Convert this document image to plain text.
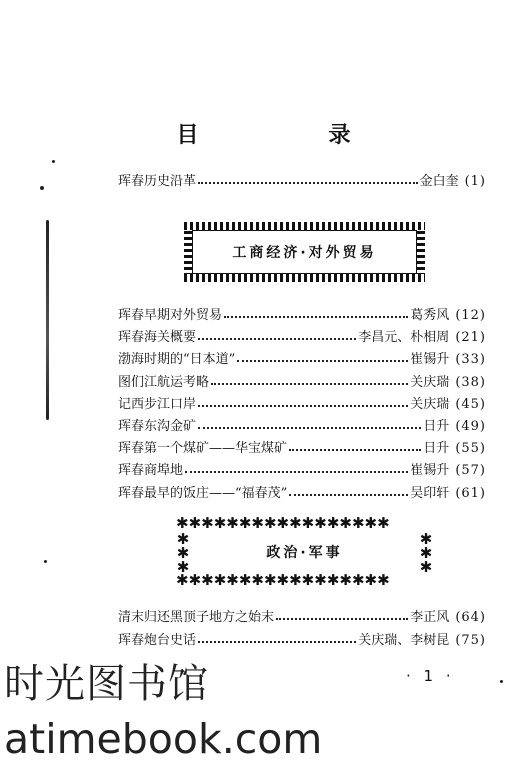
目　录
珲春历史沿革	金白奎 (1)
工商经济·对外贸易
珲春早期对外贸易	葛秀风 (12)
珲春海关概要	李昌元、朴相周 (21)
渤海时期的“日本道”	崔锡升 (33)
图们江航运考略	关庆瑞 (38)
记西步江口岸	关庆瑞 (45)
珲春东沟金矿	日升 (49)
珲春第一个煤矿——华宝煤矿	日升 (55)
珲春商埠地	崔锡升 (57)
珲春最早的饭庄——“福春茂”	吴印轩 (61)
✱✱✱✱✱✱✱✱✱✱✱✱✱✱✱✱✱
✱
✱
✱
✱
✱
✱
✱✱✱✱✱✱✱✱✱✱✱✱✱✱✱✱✱
政治·军事
清末归还黑顶子地方之始末	李正风 (64)
珲春炮台史话	关庆瑞、李树昆 (75)
· 1 ·
时光图书馆
atimebook.com
